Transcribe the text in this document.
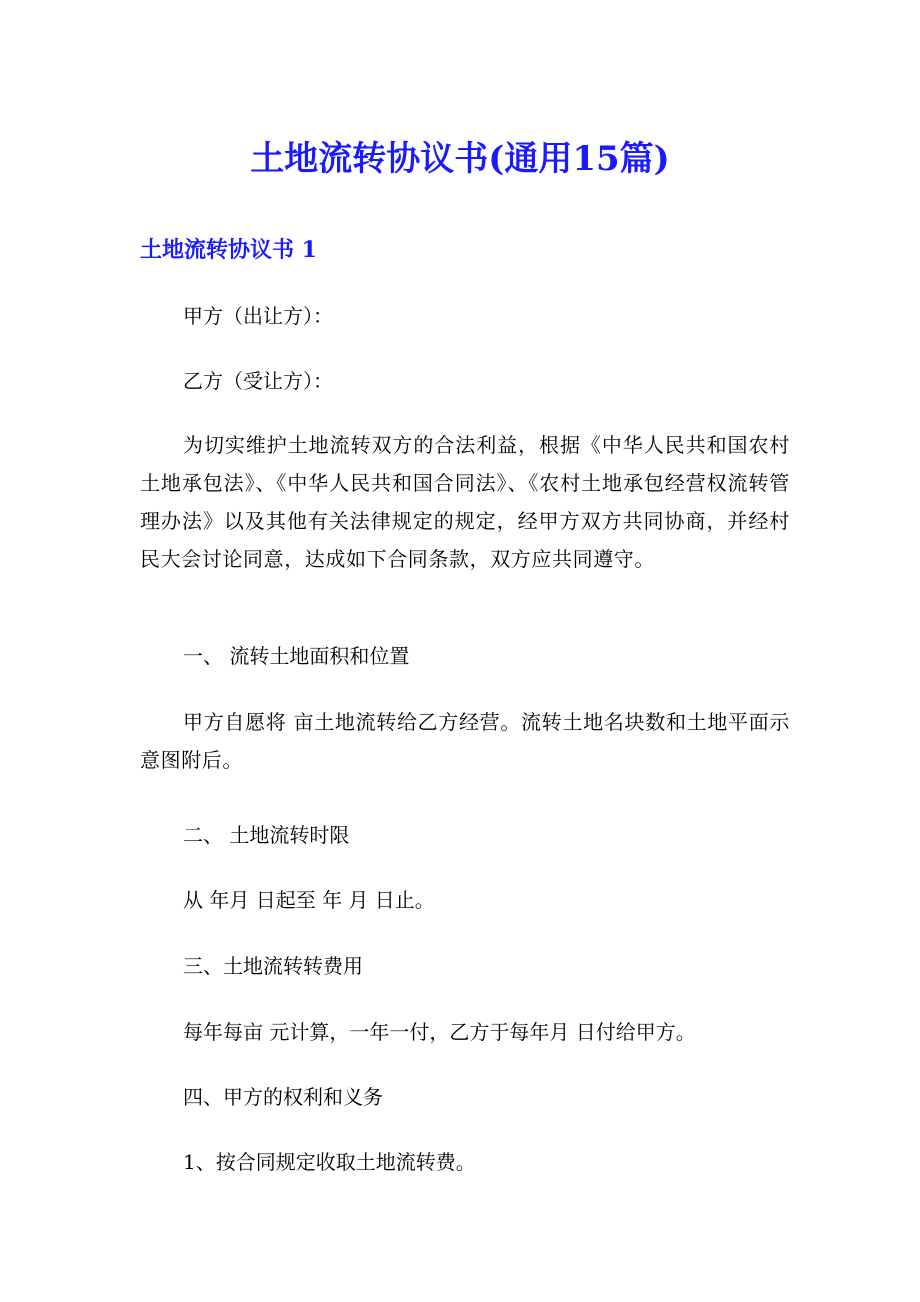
土地流转协议书(通用15篇)
土地流转协议书 1

甲方（出让方）：

乙方（受让方）：

为切实维护土地流转双方的合法利益，根据《中华人民共和国农村土地承包法》、《中华人民共和国合同法》、《农村土地承包经营权流转管理办法》以及其他有关法律规定的规定，经甲方双方共同协商，并经村民大会讨论同意，达成如下合同条款，双方应共同遵守。

一、 流转土地面积和位置

甲方自愿将 亩土地流转给乙方经营。流转土地名块数和土地平面示意图附后。

二、 土地流转时限

从 年月 日起至 年 月 日止。

三、土地流转转费用

每年每亩 元计算，一年一付，乙方于每年月 日付给甲方。

四、甲方的权利和义务

1、按合同规定收取土地流转费。
